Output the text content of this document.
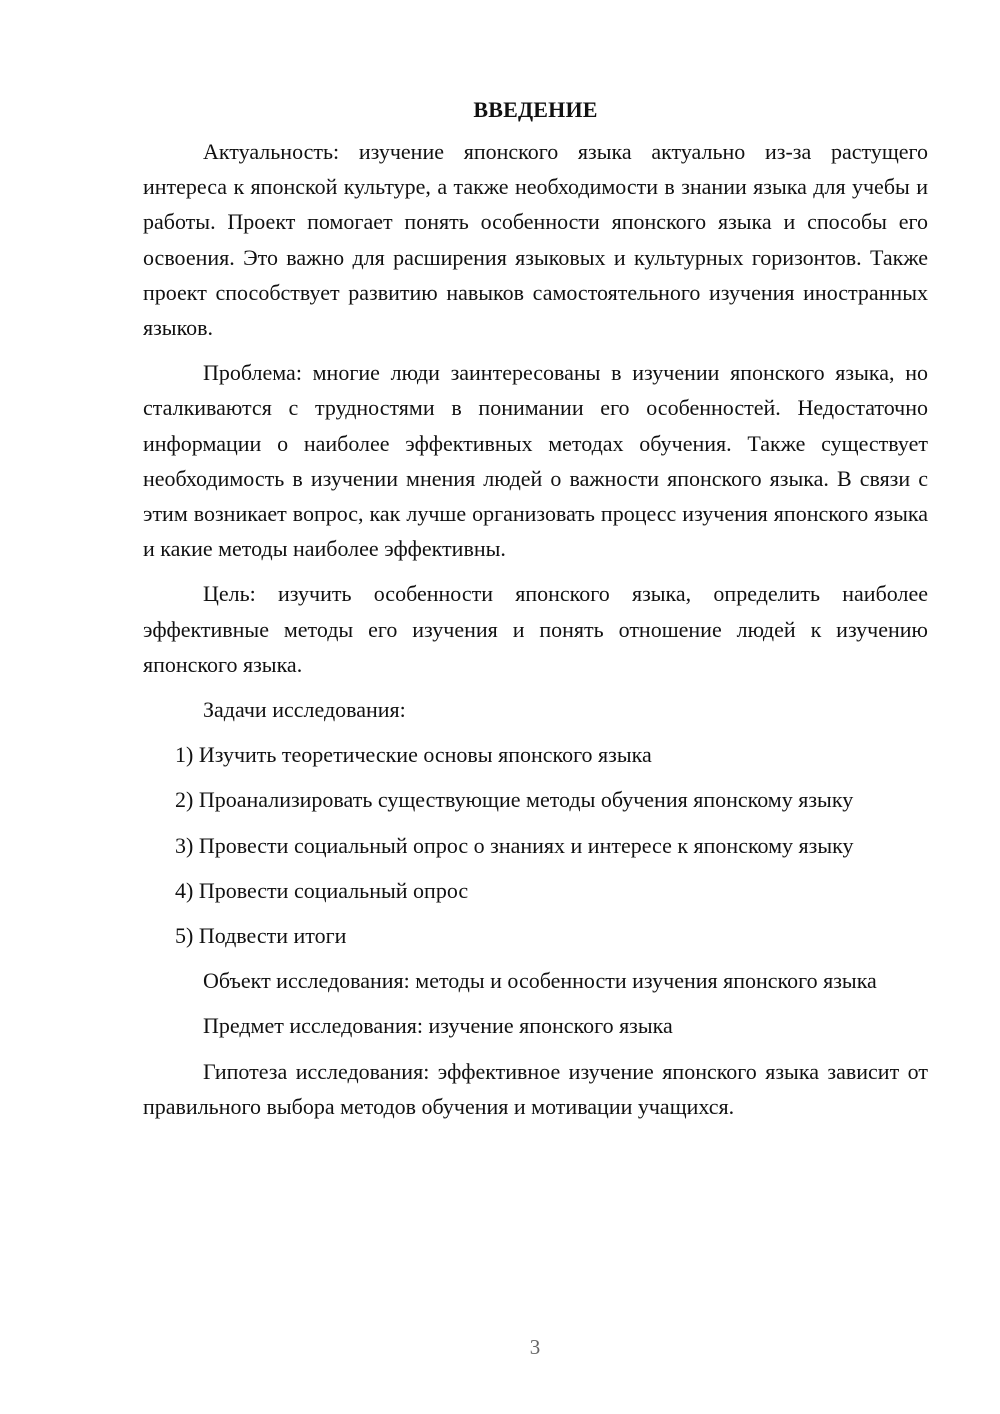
ВВЕДЕНИЕ

Актуальность: изучение японского языка актуально из-за растущего интереса к японской культуре, а также необходимости в знании языка для учебы и работы. Проект помогает понять особенности японского языка и способы его освоения. Это важно для расширения языковых и культурных горизонтов. Также проект способствует развитию навыков самостоятельного изучения иностранных языков.

Проблема: многие люди заинтересованы в изучении японского языка, но сталкиваются с трудностями в понимании его особенностей. Недостаточно информации о наиболее эффективных методах обучения. Также существует необходимость в изучении мнения людей о важности японского языка. В связи с этим возникает вопрос, как лучше организовать процесс изучения японского языка и какие методы наиболее эффективны.

Цель: изучить особенности японского языка, определить наиболее эффективные методы его изучения и понять отношение людей к изучению японского языка.

Задачи исследования:

1) Изучить теоретические основы японского языка

2) Проанализировать существующие методы обучения японскому языку

3) Провести социальный опрос о знаниях и интересе к японскому языку

4) Провести социальный опрос

5) Подвести итоги

Объект исследования: методы и особенности изучения японского языка

Предмет исследования: изучение японского языка

Гипотеза исследования: эффективное изучение японского языка зависит от правильного выбора методов обучения и мотивации учащихся.

3
